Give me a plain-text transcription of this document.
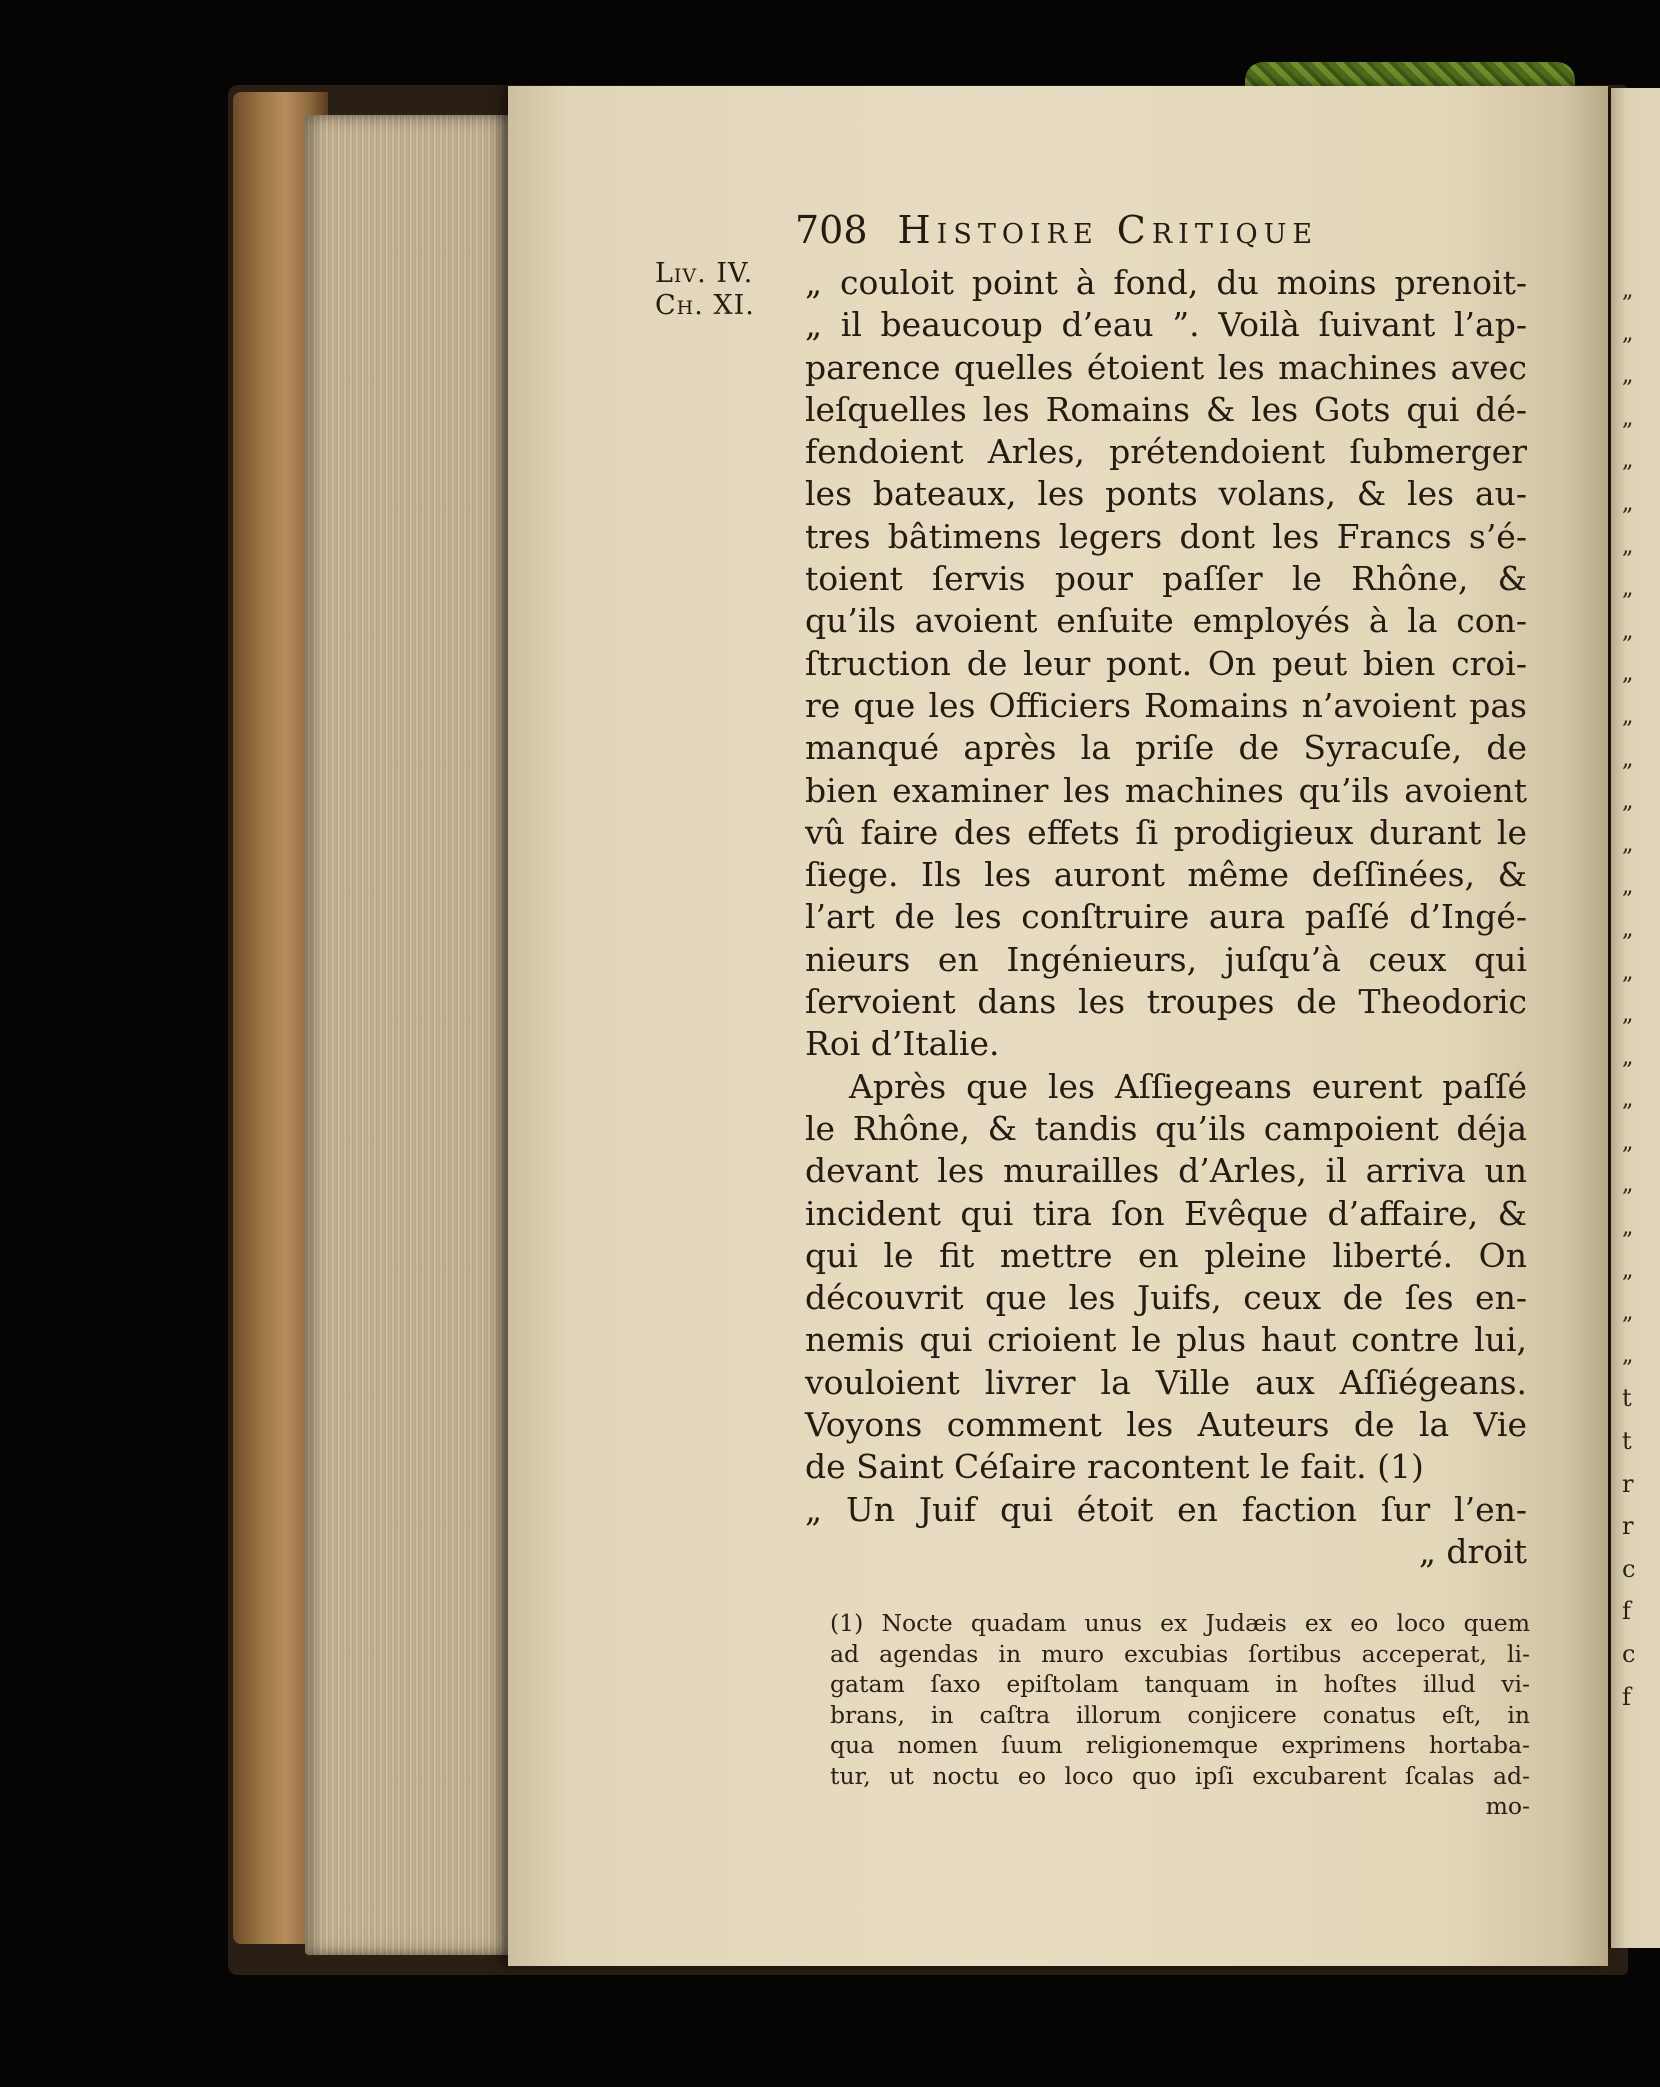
„
„
„
„
„
„
„
„
„
„
„
„
„
„
„
„
„
„
„
„
„
„
„
„
„
„
t
t
r
r
c
f
c
f
708 Histoire Critique
Liv. IV.
Ch. XI.
„ couloit point à fond, du moins prenoit-
„ il beaucoup d’eau ”. Voilà ſuivant l’ap-
parence quelles étoient les machines avec
leſquelles les Romains & les Gots qui dé-
fendoient Arles, prétendoient ſubmerger
les bateaux, les ponts volans, & les au-
tres bâtimens legers dont les Francs s’é-
toient ſervis pour paſſer le Rhône, &
qu’ils avoient enſuite employés à la con-
ſtruction de leur pont. On peut bien croi-
re que les Officiers Romains n’avoient pas
manqué après la priſe de Syracuſe, de
bien examiner les machines qu’ils avoient
vû faire des effets ſi prodigieux durant le
ſiege. Ils les auront même deſſinées, &
l’art de les conſtruire aura paſſé d’Ingé-
nieurs en Ingénieurs, juſqu’à ceux qui
ſervoient dans les troupes de Theodoric
Roi d’Italie.
Après que les Aſſiegeans eurent paſſé
le Rhône, & tandis qu’ils campoient déja
devant les murailles d’Arles, il arriva un
incident qui tira ſon Evêque d’affaire, &
qui le fit mettre en pleine liberté. On
découvrit que les Juifs, ceux de ſes en-
nemis qui crioient le plus haut contre lui,
vouloient livrer la Ville aux Aſſiégeans.
Voyons comment les Auteurs de la Vie
de Saint Céſaire racontent le fait. (1)
„ Un Juif qui étoit en faction ſur l’en-
„ droit
(1) Nocte quadam unus ex Judæis ex eo loco quem
ad agendas in muro excubias ſortibus acceperat, li-
gatam ſaxo epiſtolam tanquam in hoſtes illud vi-
brans, in caſtra illorum conjicere conatus eſt, in
qua nomen ſuum religionemque exprimens hortaba-
tur, ut noctu eo loco quo ipſi excubarent ſcalas ad-
mo-
